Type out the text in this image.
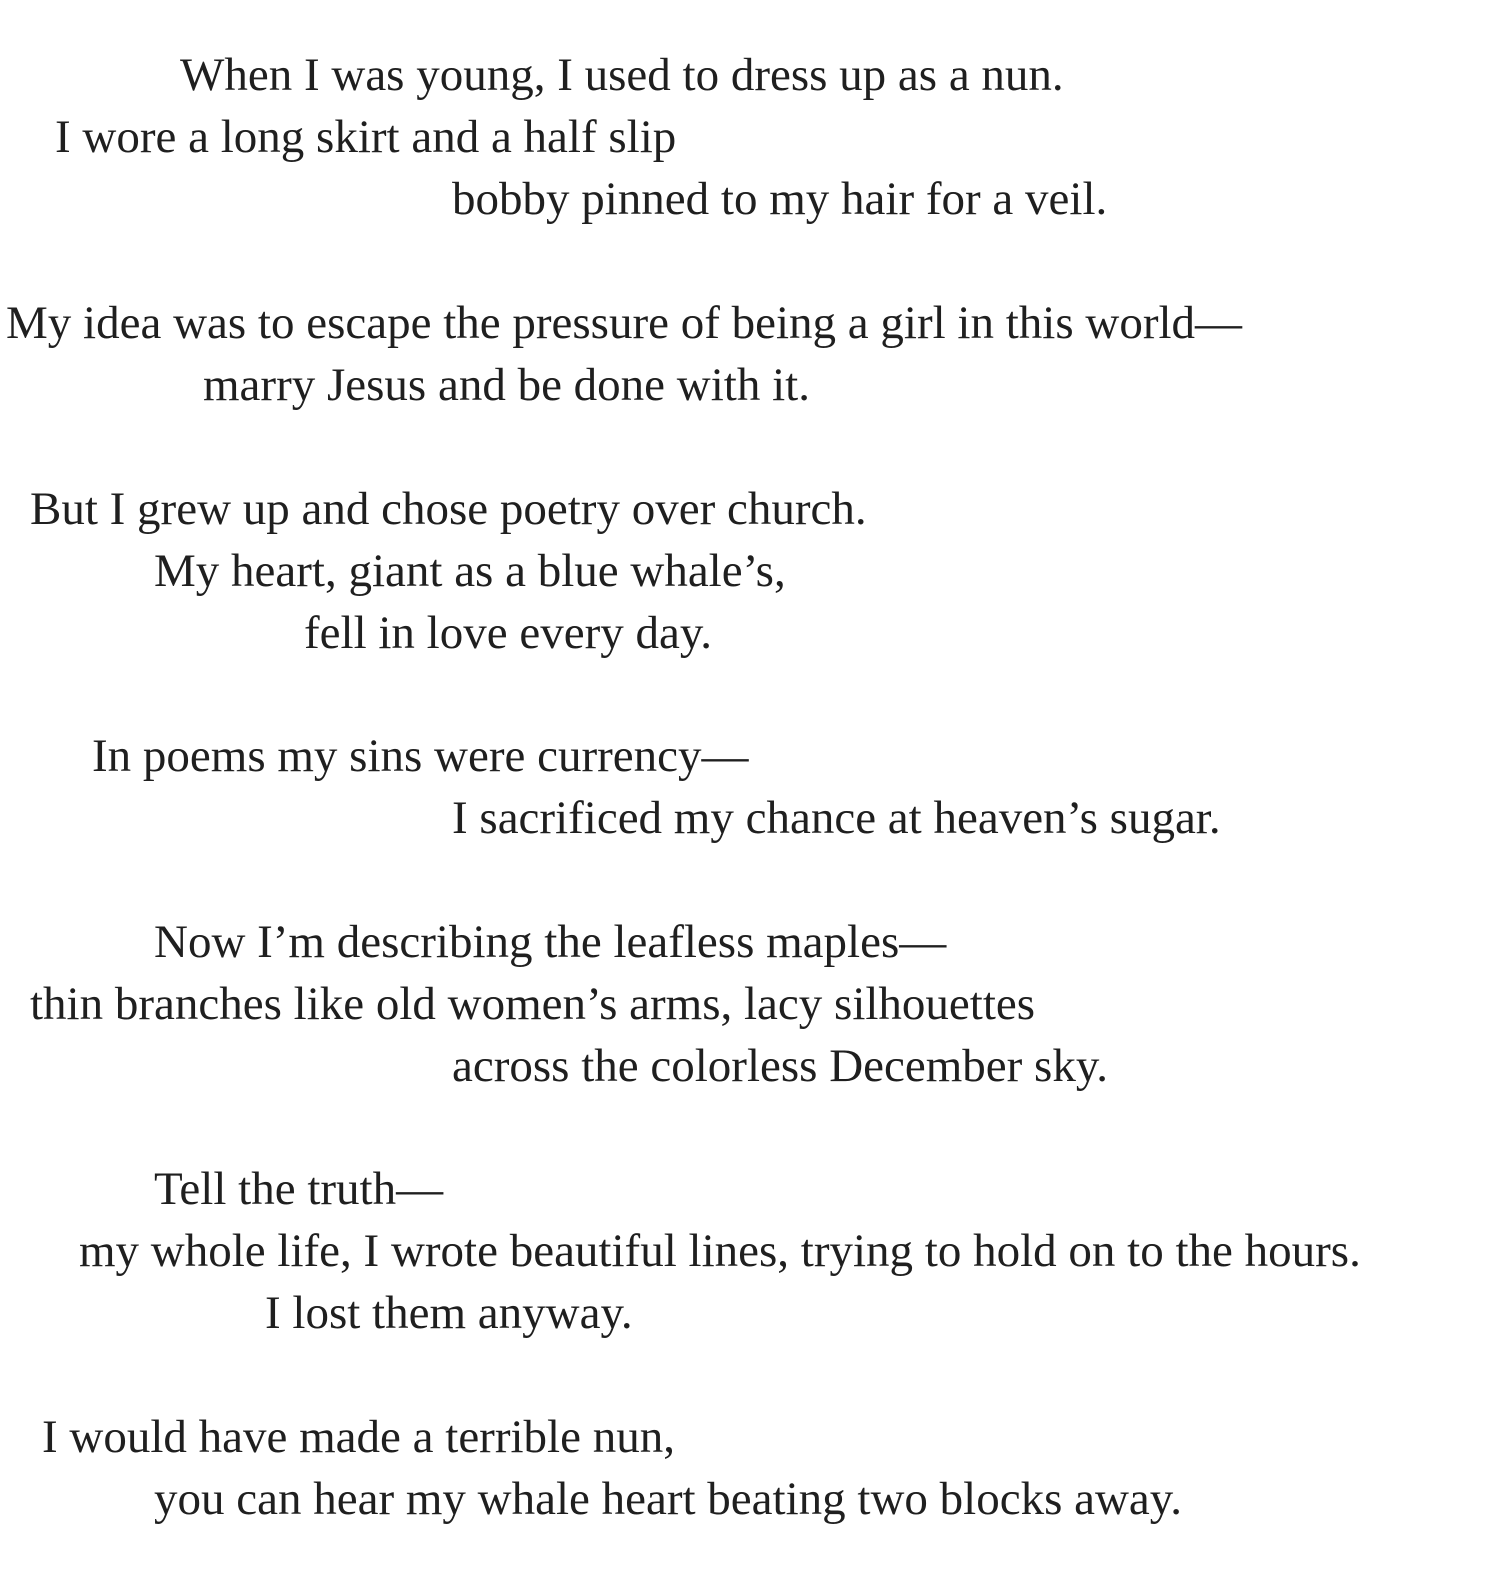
When I was young, I used to dress up as a nun.
I wore a long skirt and a half slip
bobby pinned to my hair for a veil.
My idea was to escape the pressure of being a girl in this world—
marry Jesus and be done with it.
But I grew up and chose poetry over church.
My heart, giant as a blue whale’s,
fell in love every day.
In poems my sins were currency—
I sacrificed my chance at heaven’s sugar.
Now I’m describing the leafless maples—
thin branches like old women’s arms, lacy silhouettes
across the colorless December sky.
Tell the truth—
my whole life, I wrote beautiful lines, trying to hold on to the hours.
I lost them anyway.
I would have made a terrible nun,
you can hear my whale heart beating two blocks away.
